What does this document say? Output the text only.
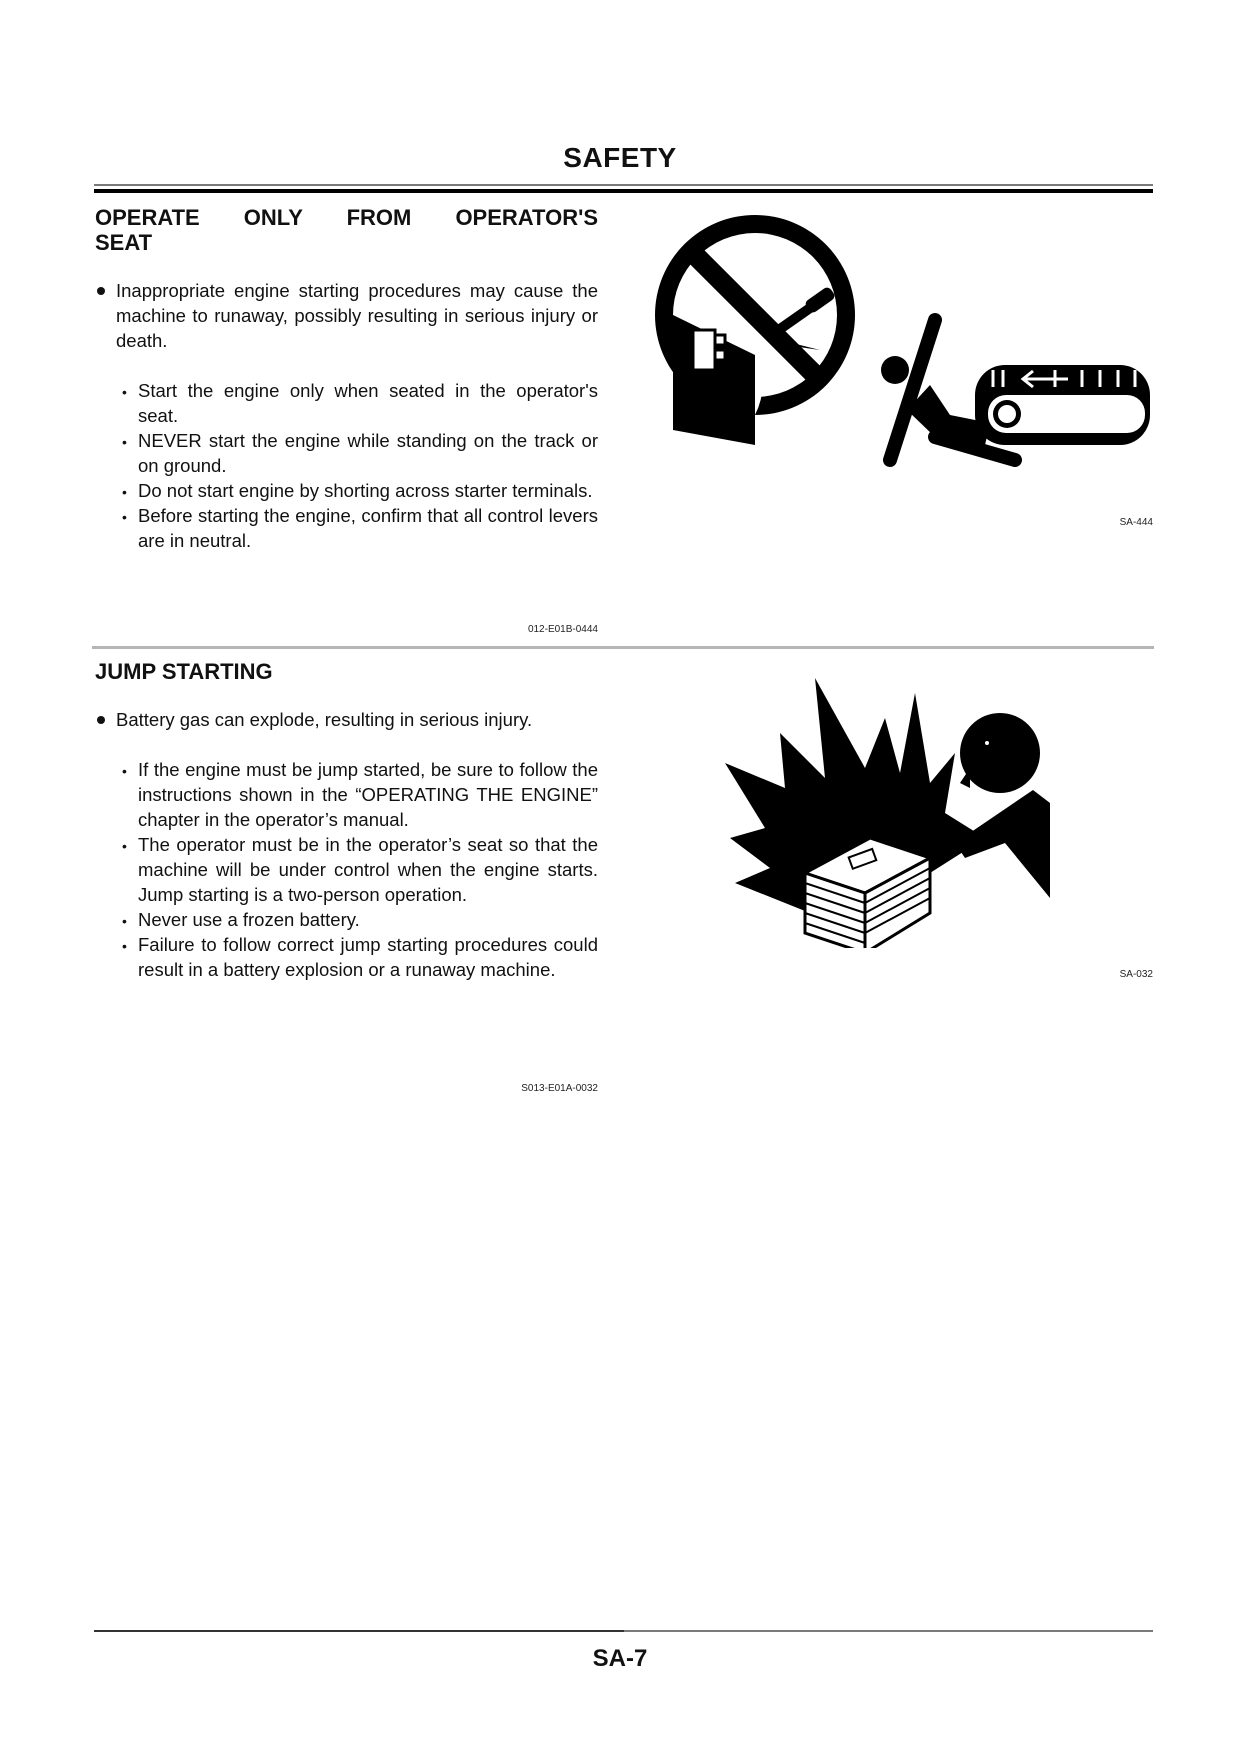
SAFETY
OPERATE ONLY FROM OPERATOR'S
SEAT
Inappropriate engine starting procedures may cause the machine to runaway, possibly resulting in serious injury or death.
• Start the engine only when seated in the operator's seat.
• NEVER start the engine while standing on the track or on ground.
• Do not start engine by shorting across starter terminals.
• Before starting the engine, confirm that all control levers are in neutral.
012-E01B-0444
SA-444
JUMP STARTING
Battery gas can explode, resulting in serious injury.
• If the engine must be jump started, be sure to follow the instructions shown in the “OPERATING THE ENGINE” chapter in the operator’s manual.
• The operator must be in the operator’s seat so that the machine will be under control when the engine starts. Jump starting is a two-person operation.
• Never use a frozen battery.
• Failure to follow correct jump starting procedures could result in a battery explosion or a runaway machine.
S013-E01A-0032
SA-032
SA-7
